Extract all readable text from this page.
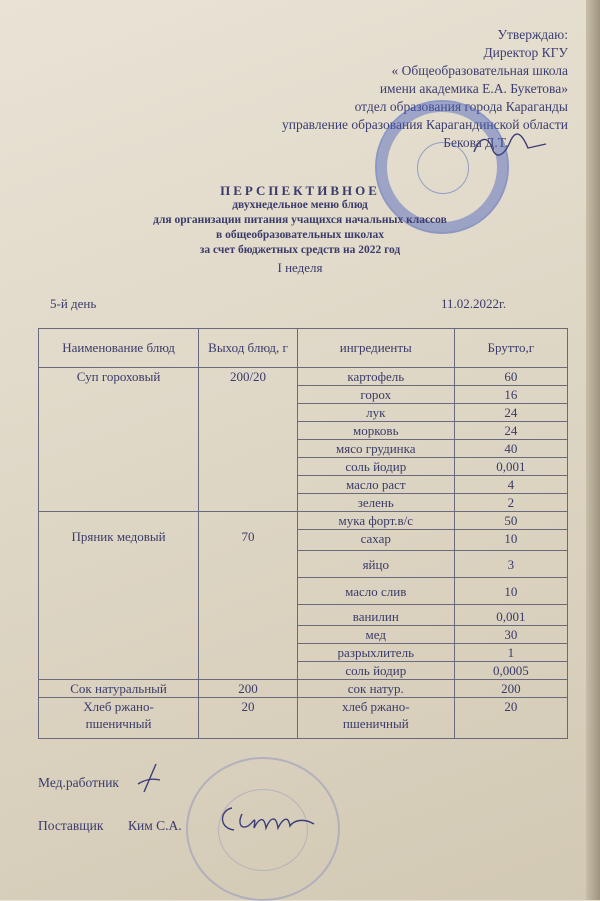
Утверждаю:
Директор КГУ
« Общеобразовательная школа
имени академика Е.А. Букетова»
отдел образования города Караганды
управление образования Карагандинской области
Бекова Д.Т.
ПЕРСПЕКТИВНОЕ
двухнедельное меню блюд
для организации питания учащихся начальных классов
в общеобразовательных школах
за счет бюджетных средств на 2022 год
I неделя
5-й день	11.02.2022г.
Наименование блюд	Выход блюд, г	ингредиенты	Брутто,г
Суп гороховый	200/20	картофель	60
		горох	16
		лук	24
		морковь	24
		мясо грудинка	40
		соль йодир	0,001
		масло раст	4
		зелень	2
Пряник медовый	70	мука форт.в/с	50
		сахар	10
		яйцо	3
		масло слив	10
		ванилин	0,001
		мед	30
		разрыхлитель	1
		соль йодир	0,0005
Сок натуральный	200	сок натур.	200
Хлеб ржано-пшеничный	20	хлеб ржано-пшеничный	20
Мед.работник
Поставщик Ким С.А.
